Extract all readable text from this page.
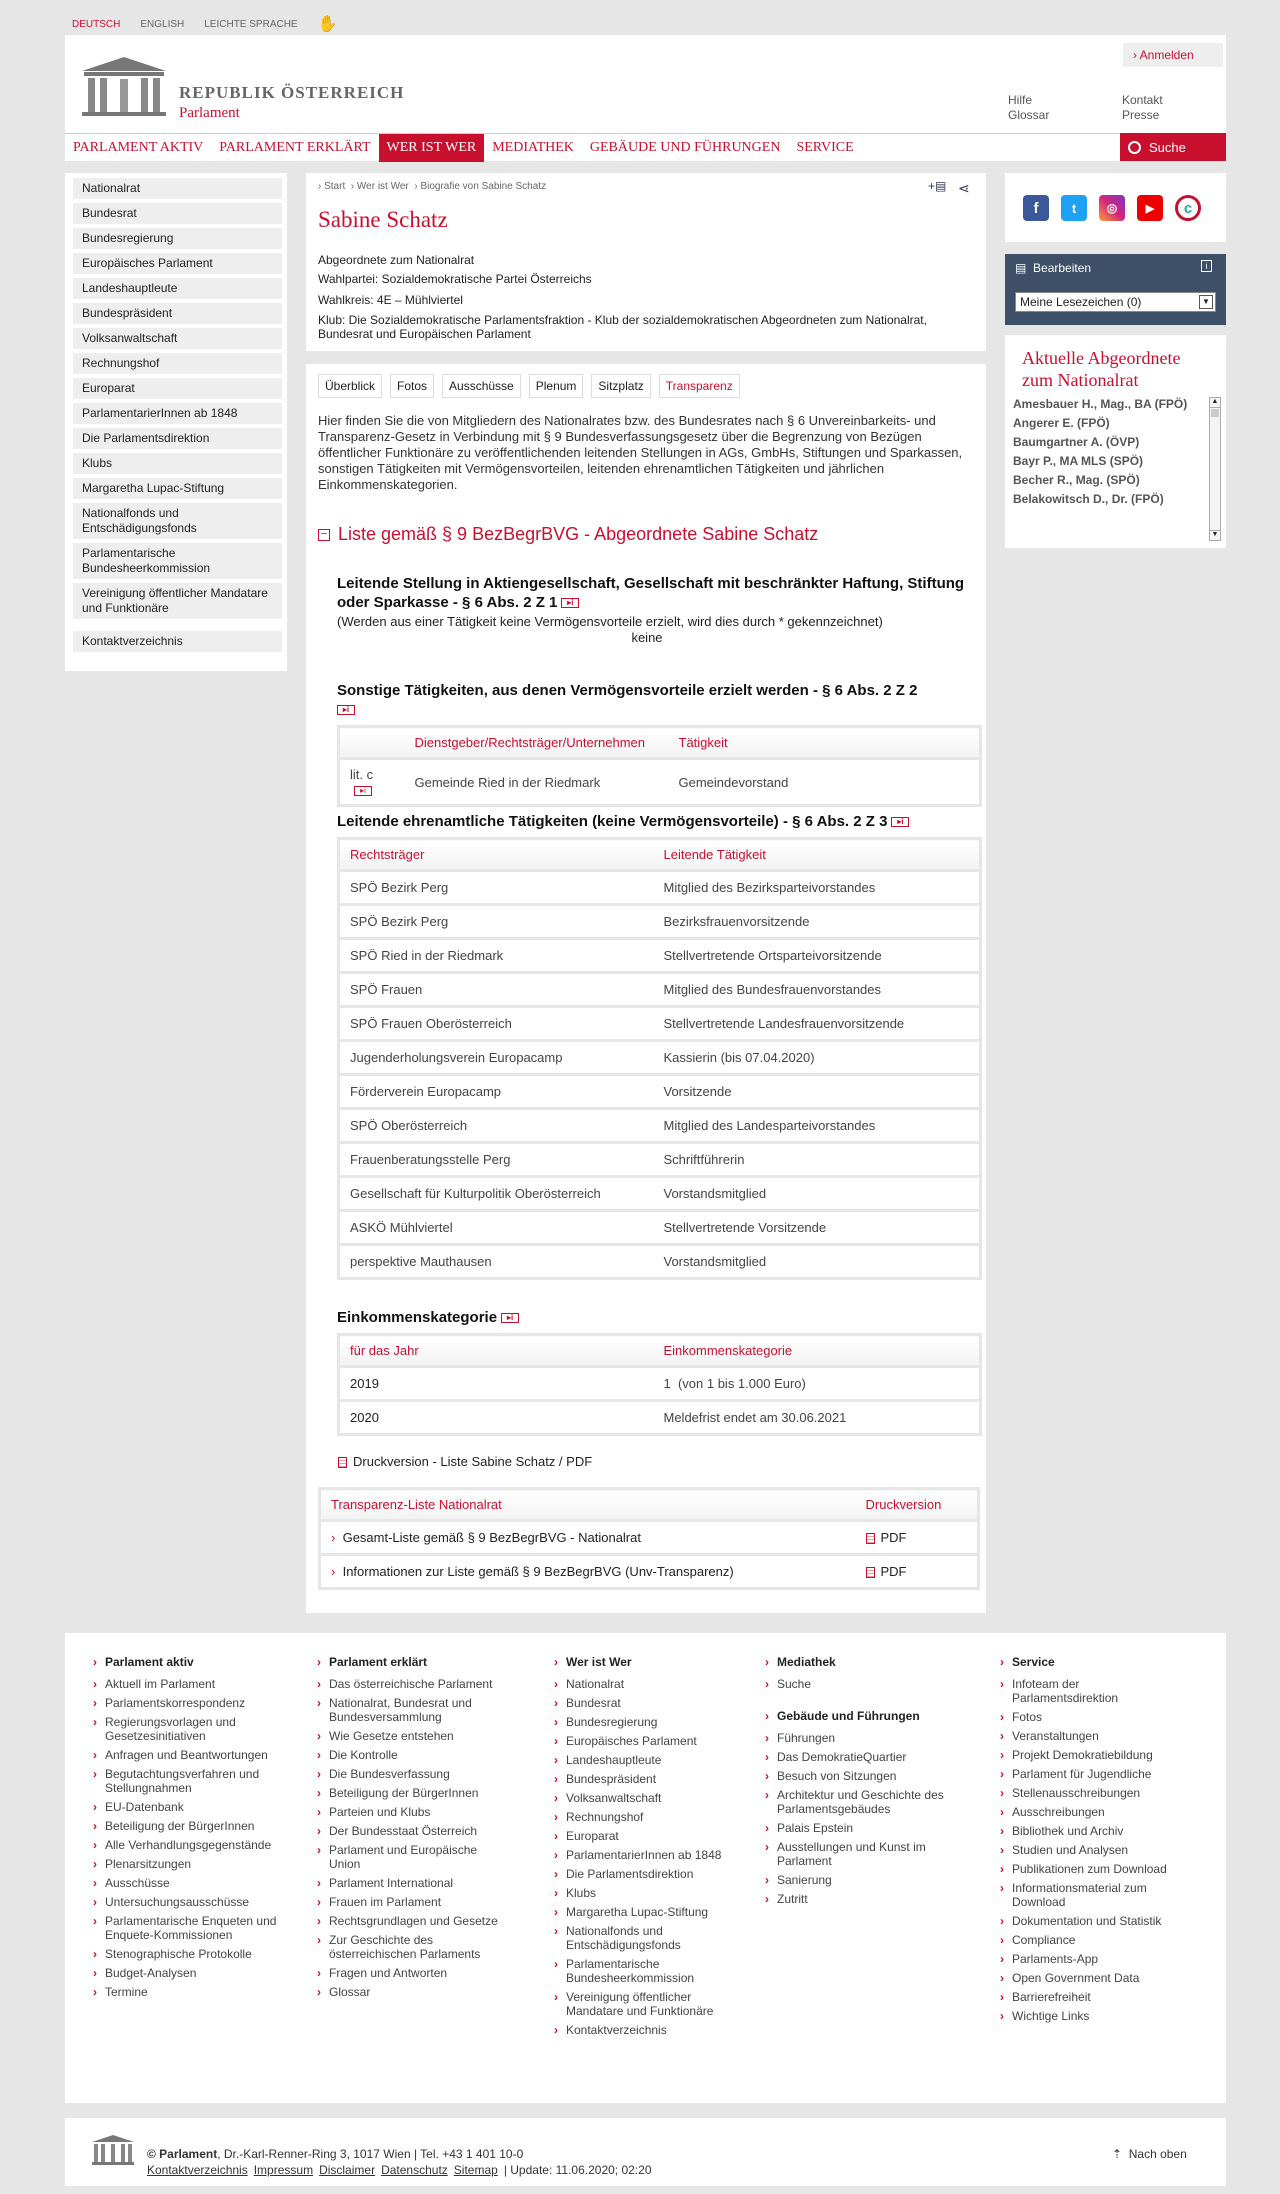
DEUTSCH ENGLISH LEICHTE SPRACHE ✋
REPUBLIK ÖSTERREICH
Parlament
› Anmelden
Hilfe
Glossar
Kontakt
Presse
PARLAMENT AKTIV	PARLAMENT ERKLÄRT	WER IST WER	MEDIATHEK	GEBÄUDE UND FÜHRUNGEN	SERVICE	Suche
Nationalrat
Bundesrat
Bundesregierung
Europäisches Parlament
Landeshauptleute
Bundespräsident
Volksanwaltschaft
Rechnungshof
Europarat
ParlamentarierInnen ab 1848
Die Parlamentsdirektion
Klubs
Margaretha Lupac-Stiftung
Nationalfonds und Entschädigungsfonds
Parlamentarische Bundesheerkommission
Vereinigung öffentlicher Mandatare und Funktionäre
Kontaktverzeichnis
› Start  › Wer ist Wer  › Biografie von Sabine Schatz	+▤ ⋖
Sabine Schatz
Abgeordnete zum Nationalrat
Wahlpartei: Sozialdemokratische Partei Österreichs
Wahlkreis: 4E – Mühlviertel
Klub: Die Sozialdemokratische Parlamentsfraktion - Klub der sozialdemokratischen Abgeordneten zum Nationalrat, Bundesrat und Europäischen Parlament
Überblick	Fotos	Ausschüsse	Plenum	Sitzplatz	Transparenz

Hier finden Sie die von Mitgliedern des Nationalrates bzw. des Bundesrates nach § 6 Unvereinbarkeits- und Transparenz-Gesetz in Verbindung mit § 9 Bundesverfassungsgesetz über die Begrenzung von Bezügen öffentlicher Funktionäre zu veröffentlichenden leitenden Stellungen in AGs, GmbHs, Stiftungen und Sparkassen, sonstigen Tätigkeiten mit Vermögensvorteilen, leitenden ehrenamtlichen Tätigkeiten und jährlichen Einkommenskategorien.

− Liste gemäß § 9 BezBegrBVG - Abgeordnete Sabine Schatz
Leitende Stellung in Aktiengesellschaft, Gesellschaft mit beschränkter Haftung, Stiftung oder Sparkasse - § 6 Abs. 2 Z 1 ▸i
(Werden aus einer Tätigkeit keine Vermögensvorteile erzielt, wird dies durch * gekennzeichnet)
keine
Sonstige Tätigkeiten, aus denen Vermögensvorteile erzielt werden - § 6 Abs. 2 Z 2
▸i
	Dienstgeber/Rechtsträger/Unternehmen	Tätigkeit
lit. c▸i	Gemeinde Ried in der Riedmark	Gemeindevorstand
Leitende ehrenamtliche Tätigkeiten (keine Vermögensvorteile) - § 6 Abs. 2 Z 3 ▸i
Rechtsträger	Leitende Tätigkeit
SPÖ Bezirk Perg	Mitglied des Bezirksparteivorstandes
SPÖ Bezirk Perg	Bezirksfrauenvorsitzende
SPÖ Ried in der Riedmark	Stellvertretende Ortsparteivorsitzende
SPÖ Frauen	Mitglied des Bundesfrauenvorstandes
SPÖ Frauen Oberösterreich	Stellvertretende Landesfrauenvorsitzende
Jugenderholungsverein Europacamp	Kassierin (bis 07.04.2020)
Förderverein Europacamp	Vorsitzende
SPÖ Oberösterreich	Mitglied des Landesparteivorstandes
Frauenberatungsstelle Perg	Schriftführerin
Gesellschaft für Kulturpolitik Oberösterreich	Vorstandsmitglied
ASKÖ Mühlviertel	Stellvertretende Vorsitzende
perspektive Mauthausen	Vorstandsmitglied
Einkommenskategorie ▸i
für das Jahr	Einkommenskategorie
2019	1  (von 1 bis 1.000 Euro)
2020	Meldefrist endet am 30.06.2021
Druckversion - Liste Sabine Schatz / PDF
Transparenz-Liste Nationalrat	Druckversion
› Gesamt-Liste gemäß § 9 BezBegrBVG - Nationalrat	PDF
› Informationen zur Liste gemäß § 9 BezBegrBVG (Unv-Transparenz)	PDF
f	t	◎	▶	c
▤  Bearbeiten	i
Meine Lesezeichen (0)	▼
Aktuelle Abgeordnete zum Nationalrat
Amesbauer H., Mag., BA (FPÖ)
Angerer E. (FPÖ)
Baumgartner A. (ÖVP)
Bayr P., MA MLS (SPÖ)
Becher R., Mag. (SPÖ)
Belakowitsch D., Dr. (FPÖ)
▲
▼
› Parlament aktiv
› Aktuell im Parlament
› Parlamentskorrespondenz
› Regierungsvorlagen und Gesetzesinitiativen
› Anfragen und Beantwortungen
› Begutachtungsverfahren und Stellungnahmen
› EU-Datenbank
› Beteiligung der BürgerInnen
› Alle Verhandlungsgegenstände
› Plenarsitzungen
› Ausschüsse
› Untersuchungsausschüsse
› Parlamentarische Enqueten und Enquete-Kommissionen
› Stenographische Protokolle
› Budget-Analysen
› Termine
› Parlament erklärt
› Das österreichische Parlament
› Nationalrat, Bundesrat und Bundesversammlung
› Wie Gesetze entstehen
› Die Kontrolle
› Die Bundesverfassung
› Beteiligung der BürgerInnen
› Parteien und Klubs
› Der Bundesstaat Österreich
› Parlament und Europäische Union
› Parlament International
› Frauen im Parlament
› Rechtsgrundlagen und Gesetze
› Zur Geschichte des österreichischen Parlaments
› Fragen und Antworten
› Glossar
› Wer ist Wer
› Nationalrat
› Bundesrat
› Bundesregierung
› Europäisches Parlament
› Landeshauptleute
› Bundespräsident
› Volksanwaltschaft
› Rechnungshof
› Europarat
› ParlamentarierInnen ab 1848
› Die Parlamentsdirektion
› Klubs
› Margaretha Lupac-Stiftung
› Nationalfonds und Entschädigungsfonds
› Parlamentarische Bundesheerkommission
› Vereinigung öffentlicher Mandatare und Funktionäre
› Kontaktverzeichnis
› Mediathek
› Suche
› Gebäude und Führungen
› Führungen
› Das DemokratieQuartier
› Besuch von Sitzungen
› Architektur und Geschichte des Parlamentsgebäudes
› Palais Epstein
› Ausstellungen und Kunst im Parlament
› Sanierung
› Zutritt
› Service
› Infoteam der Parlamentsdirektion
› Fotos
› Veranstaltungen
› Projekt Demokratiebildung
› Parlament für Jugendliche
› Stellenausschreibungen
› Ausschreibungen
› Bibliothek und Archiv
› Studien und Analysen
› Publikationen zum Download
› Informationsmaterial zum Download
› Dokumentation und Statistik
› Compliance
› Parlaments-App
› Open Government Data
› Barrierefreiheit
› Wichtige Links
© Parlament, Dr.-Karl-Renner-Ring 3, 1017 Wien | Tel. +43 1 401 10-0
Kontaktverzeichnis Impressum Disclaimer Datenschutz Sitemap | Update: 11.06.2020; 02:20
⇡ Nach oben
